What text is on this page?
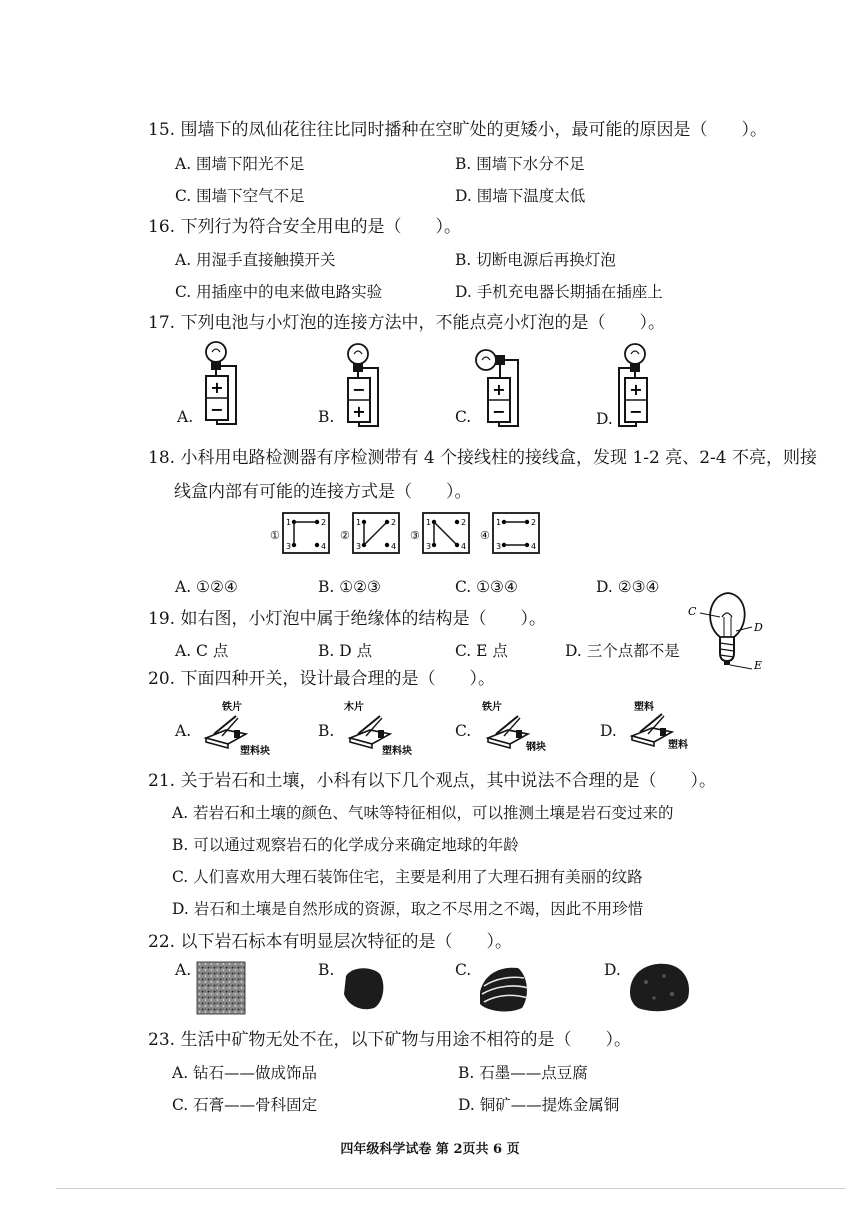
15. 围墙下的凤仙花往往比同时播种在空旷处的更矮小，最可能的原因是（　　）。
A. 围墙下阳光不足	B. 围墙下水分不足
C. 围墙下空气不足	D. 围墙下温度太低
16. 下列行为符合安全用电的是（　　）。
A. 用湿手直接触摸开关	B. 切断电源后再换灯泡
C. 用插座中的电来做电路实验	D. 手机充电器长期插在插座上
17. 下列电池与小灯泡的连接方法中，不能点亮小灯泡的是（　　）。
A.	B.	C.	D.
+
−
−
+
+
−
+
−
18. 小科用电路检测器有序检测带有 4 个接线柱的接线盒，发现 1-2 亮、2-4 不亮，则接
线盒内部有可能的连接方式是（　　）。
①
1	2
3	4
②
1	2
3	4
③
1	2
3	4
④
1	2
3	4
A. ①②④	B. ①②③	C. ①③④	D. ②③④
19. 如右图，小灯泡中属于绝缘体的结构是（　　）。
A. C 点	B. D 点	C. E 点	D. 三个点都不是
C
D
E
20. 下面四种开关，设计最合理的是（　　）。
A.	B.	C.	D.
铁片
塑料块
木片
塑料块
铁片
钢块
塑料
塑料
21. 关于岩石和土壤，小科有以下几个观点，其中说法不合理的是（　　）。
A. 若岩石和土壤的颜色、气味等特征相似，可以推测土壤是岩石变过来的
B. 可以通过观察岩石的化学成分来确定地球的年龄
C. 人们喜欢用大理石装饰住宅，主要是利用了大理石拥有美丽的纹路
D. 岩石和土壤是自然形成的资源，取之不尽用之不竭，因此不用珍惜
22. 以下岩石标本有明显层次特征的是（　　）。
A.	B.	C.	D.
23. 生活中矿物无处不在，以下矿物与用途不相符的是（　　）。
A. 钻石——做成饰品	B. 石墨——点豆腐
C. 石膏——骨科固定	D. 铜矿——提炼金属铜
四年级科学试卷 第 2页共 6 页
